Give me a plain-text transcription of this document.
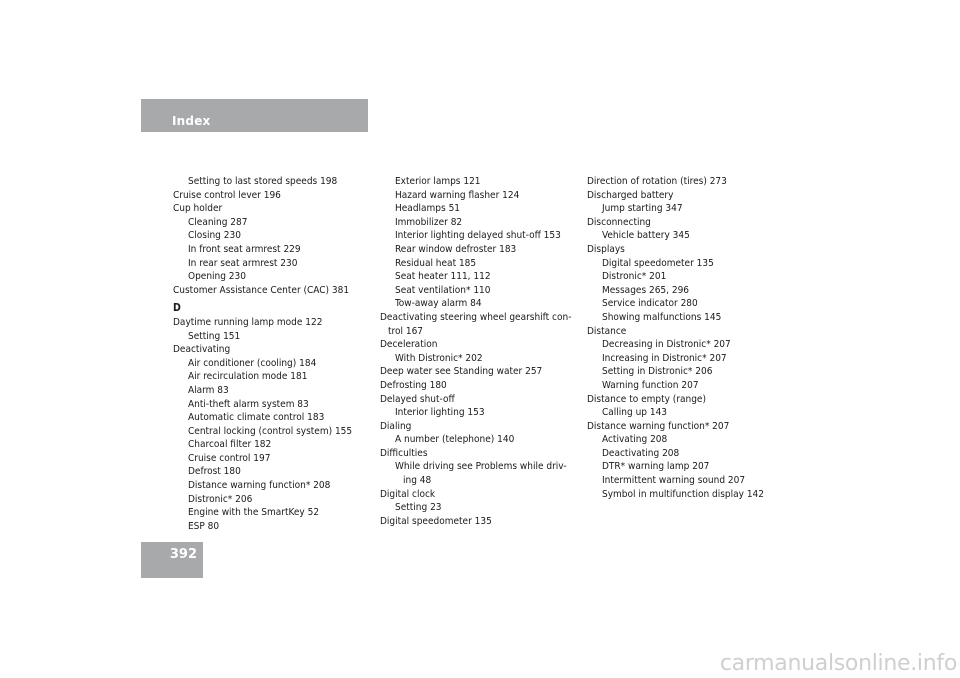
Index
Setting to last stored speeds 198
Cruise control lever 196
Cup holder
Cleaning 287
Closing 230
In front seat armrest 229
In rear seat armrest 230
Opening 230
Customer Assistance Center (CAC) 381
D
Daytime running lamp mode 122
Setting 151
Deactivating
Air conditioner (cooling) 184
Air recirculation mode 181
Alarm 83
Anti-theft alarm system 83
Automatic climate control 183
Central locking (control system) 155
Charcoal filter 182
Cruise control 197
Defrost 180
Distance warning function* 208
Distronic* 206
Engine with the SmartKey 52
ESP 80
Exterior lamps 121
Hazard warning flasher 124
Headlamps 51
Immobilizer 82
Interior lighting delayed shut-off 153
Rear window defroster 183
Residual heat 185
Seat heater 111, 112
Seat ventilation* 110
Tow-away alarm 84
Deactivating steering wheel gearshift con-
trol 167
Deceleration
With Distronic* 202
Deep water see Standing water 257
Defrosting 180
Delayed shut-off
Interior lighting 153
Dialing
A number (telephone) 140
Difficulties
While driving see Problems while driv-
ing 48
Digital clock
Setting 23
Digital speedometer 135
Direction of rotation (tires) 273
Discharged battery
Jump starting 347
Disconnecting
Vehicle battery 345
Displays
Digital speedometer 135
Distronic* 201
Messages 265, 296
Service indicator 280
Showing malfunctions 145
Distance
Decreasing in Distronic* 207
Increasing in Distronic* 207
Setting in Distronic* 206
Warning function 207
Distance to empty (range)
Calling up 143
Distance warning function* 207
Activating 208
Deactivating 208
DTR* warning lamp 207
Intermittent warning sound 207
Symbol in multifunction display 142
392
carmanualsonline.info
